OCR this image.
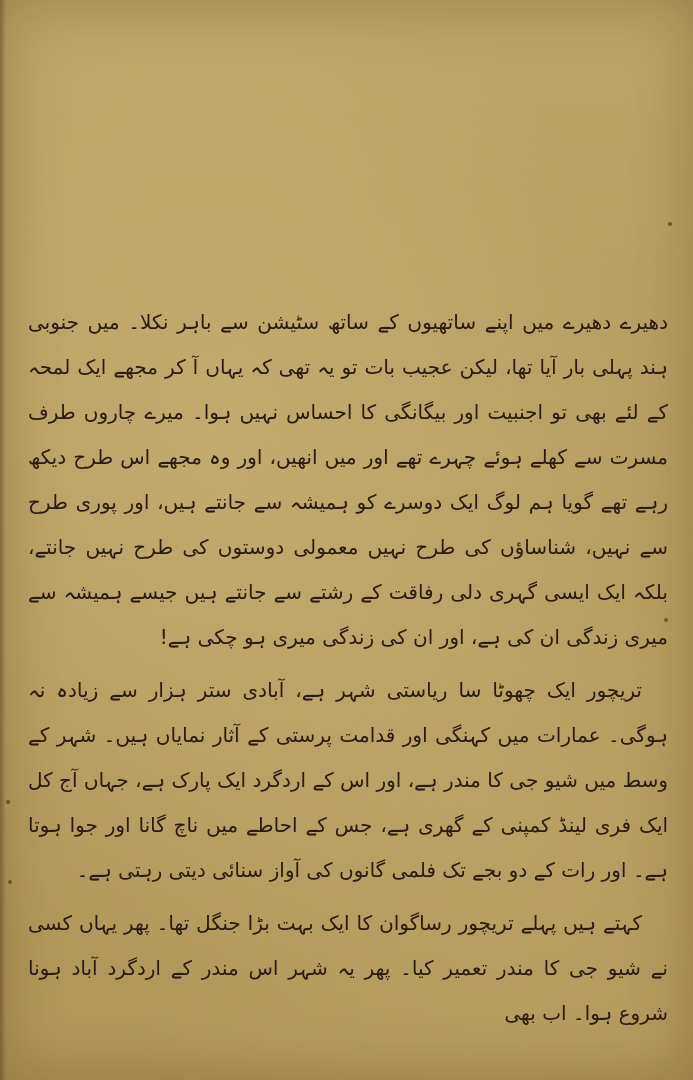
دھیرے دھیرے میں اپنے ساتھیوں کے ساتھ سٹیشن سے باہر نکلا۔ میں جنوبی ہند پہلی بار آیا تھا، لیکن عجیب بات تو یہ تھی کہ یہاں آ کر مجھے ایک لمحہ کے لئے بھی تو اجنبیت اور بیگانگی کا احساس نہیں ہوا۔ میرے چاروں طرف مسرت سے کھلے ہوئے چہرے تھے اور میں انھیں، اور وہ مجھے اس طرح دیکھ رہے تھے گویا ہم لوگ ایک دوسرے کو ہمیشہ سے جانتے ہیں، اور پوری طرح سے نہیں، شناساؤں کی طرح نہیں معمولی دوستوں کی طرح نہیں جانتے، بلکہ ایک ایسی گہری دلی رفاقت کے رشتے سے جانتے ہیں جیسے ہمیشہ سے میری زندگی ان کی ہے، اور ان کی زندگی میری ہو چکی ہے!

تریچور ایک چھوٹا سا ریاستی شہر ہے، آبادی ستر ہزار سے زیادہ نہ ہوگی۔ عمارات میں کہنگی اور قدامت پرستی کے آثار نمایاں ہیں۔ شہر کے وسط میں شیو جی کا مندر ہے، اور اس کے اردگرد ایک پارک ہے، جہاں آج کل ایک فری لینڈ کمپنی کے گھری ہے، جس کے احاطے میں ناچ گانا اور جوا ہوتا ہے۔ اور رات کے دو بجے تک فلمی گانوں کی آواز سنائی دیتی رہتی ہے۔

کہتے ہیں پہلے تریچور رساگوان کا ایک بہت بڑا جنگل تھا۔ پھر یہاں کسی نے شیو جی کا مندر تعمیر کیا۔ پھر یہ شہر اس مندر کے اردگرد آباد ہونا شروع ہوا۔ اب بھی
